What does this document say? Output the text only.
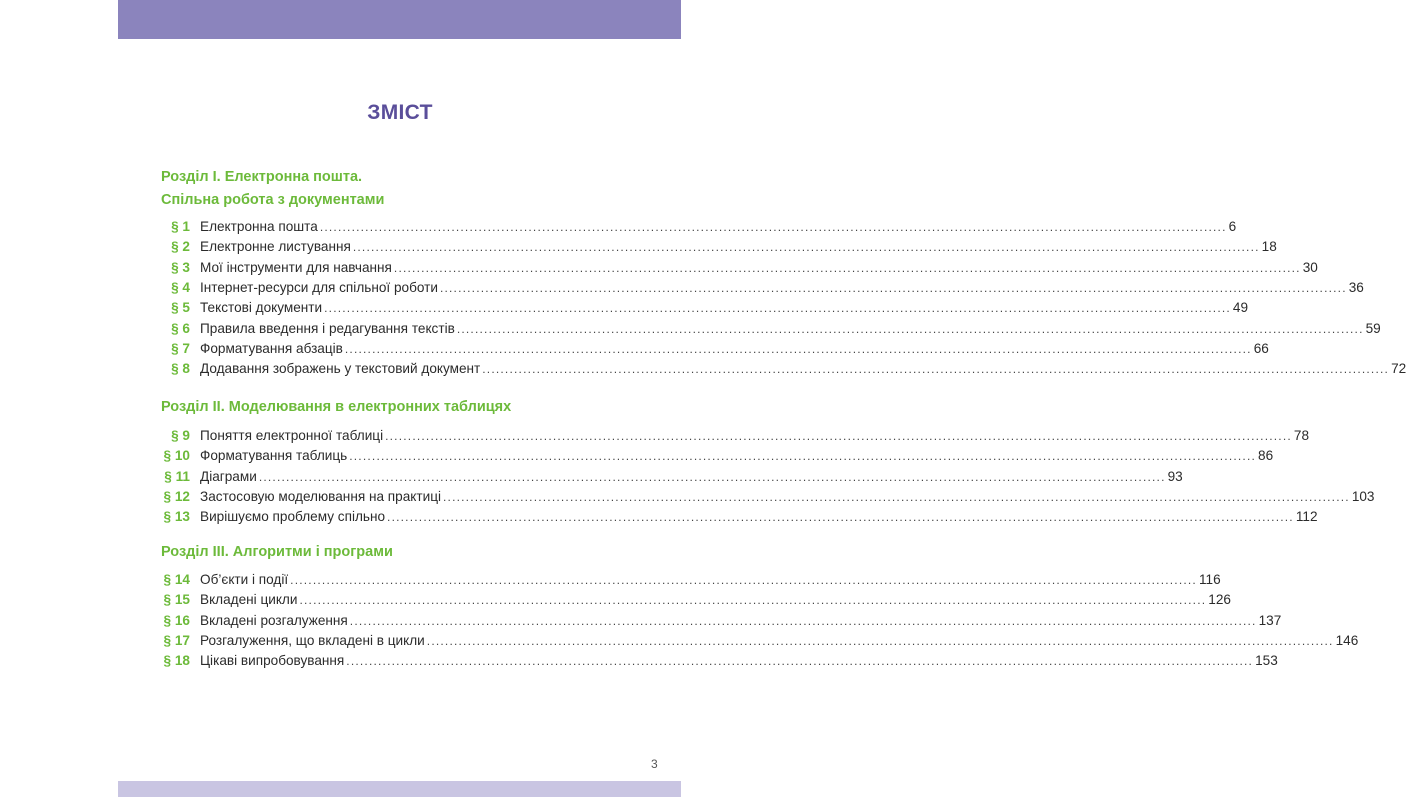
ЗМІСТ
Розділ І. Електронна пошта.
Спільна робота з документами
Розділ ІІ. Моделювання в електронних таблицях
Розділ ІІІ. Алгоритми і програми
§ 1 Електронна пошта ........................................................................................................................................................................................................ 6
§ 2 Електронне листування ........................................................................................................................................................................................................ 18
§ 3 Мої інструменти для навчання ........................................................................................................................................................................................................ 30
§ 4 Інтернет-ресурси для спільної роботи ........................................................................................................................................................................................................ 36
§ 5 Текстові документи ........................................................................................................................................................................................................ 49
§ 6 Правила введення і редагування текстів ........................................................................................................................................................................................................ 59
§ 7 Форматування абзаців ........................................................................................................................................................................................................ 66
§ 8 Додавання зображень у текстовий документ ........................................................................................................................................................................................................ 72
§ 9 Поняття електронної таблиці ........................................................................................................................................................................................................ 78
§ 10 Форматування таблиць ........................................................................................................................................................................................................ 86
§ 11 Діаграми ........................................................................................................................................................................................................ 93
§ 12 Застосовую моделювання на практиці ........................................................................................................................................................................................................ 103
§ 13 Вирішуємо проблему спільно ........................................................................................................................................................................................................ 112
§ 14 Об’єкти і події ........................................................................................................................................................................................................ 116
§ 15 Вкладені цикли ........................................................................................................................................................................................................ 126
§ 16 Вкладені розгалуження ........................................................................................................................................................................................................ 137
§ 17 Розгалуження, що вкладені в цикли ........................................................................................................................................................................................................ 146
§ 18 Цікаві випробовування ........................................................................................................................................................................................................ 153
3
